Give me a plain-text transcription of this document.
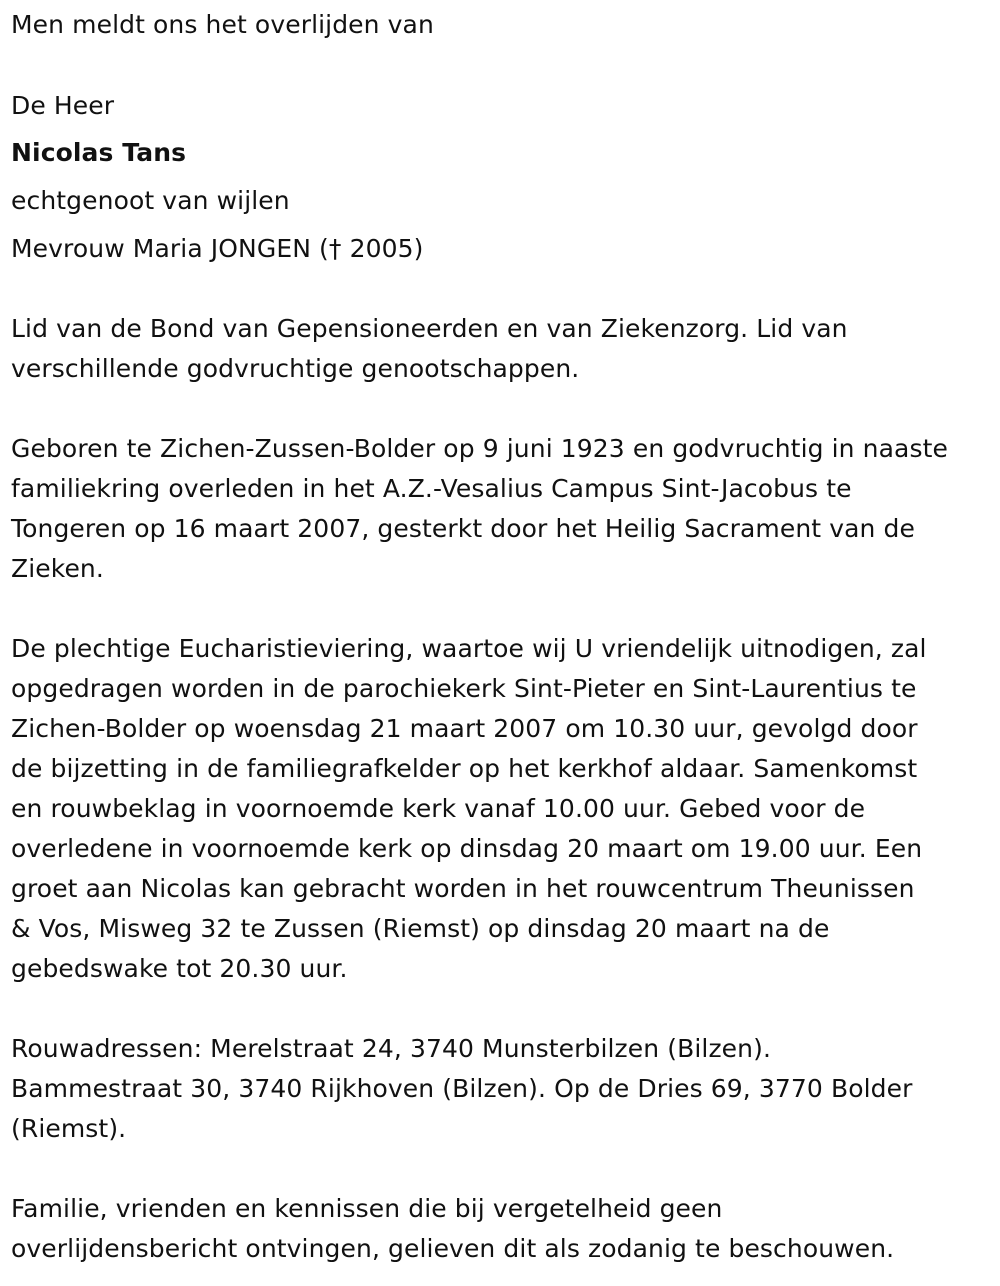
Men meldt ons het overlijden van
De Heer
Nicolas Tans
echtgenoot van wijlen
Mevrouw Maria JONGEN († 2005)
Lid van de Bond van Gepensioneerden en van Ziekenzorg. Lid van
verschillende godvruchtige genootschappen.
Geboren te Zichen-Zussen-Bolder op 9 juni 1923 en godvruchtig in naaste
familiekring overleden in het A.Z.-Vesalius Campus Sint-Jacobus te
Tongeren op 16 maart 2007, gesterkt door het Heilig Sacrament van de
Zieken.
De plechtige Eucharistieviering, waartoe wij U vriendelijk uitnodigen, zal
opgedragen worden in de parochiekerk Sint-Pieter en Sint-Laurentius te
Zichen-Bolder op woensdag 21 maart 2007 om 10.30 uur, gevolgd door
de bijzetting in de familiegrafkelder op het kerkhof aldaar. Samenkomst
en rouwbeklag in voornoemde kerk vanaf 10.00 uur. Gebed voor de
overledene in voornoemde kerk op dinsdag 20 maart om 19.00 uur. Een
groet aan Nicolas kan gebracht worden in het rouwcentrum Theunissen
& Vos, Misweg 32 te Zussen (Riemst) op dinsdag 20 maart na de
gebedswake tot 20.30 uur.
Rouwadressen: Merelstraat 24, 3740 Munsterbilzen (Bilzen).
Bammestraat 30, 3740 Rijkhoven (Bilzen). Op de Dries 69, 3770 Bolder
(Riemst).
Familie, vrienden en kennissen die bij vergetelheid geen
overlijdensbericht ontvingen, gelieven dit als zodanig te beschouwen.
